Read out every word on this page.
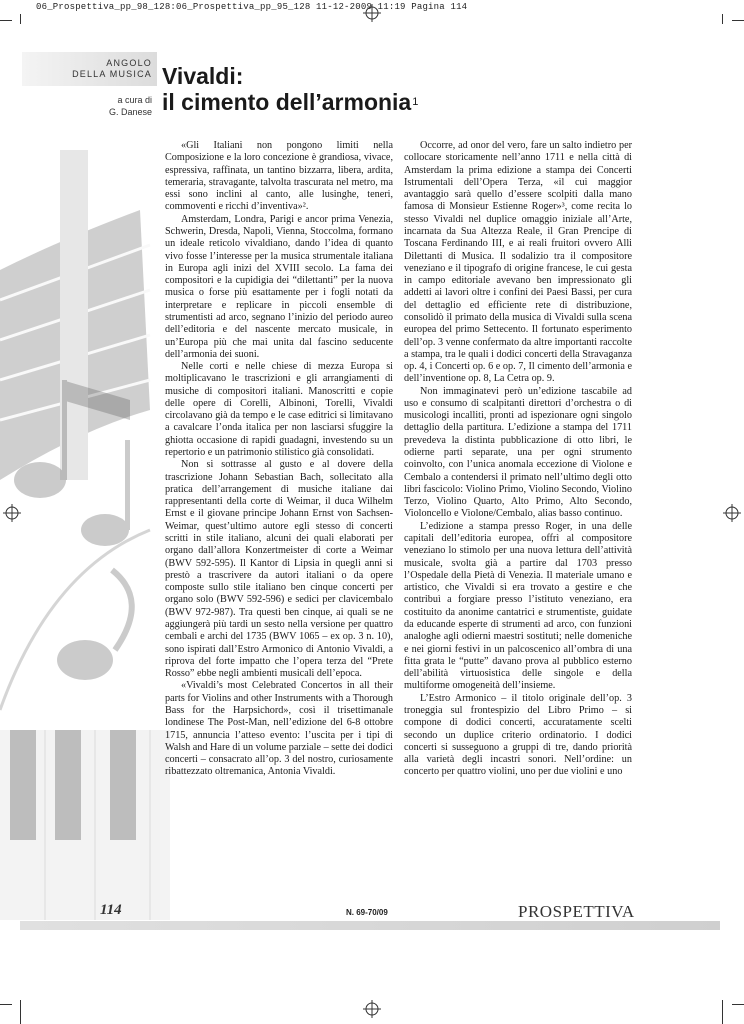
06_Prospettiva_pp_98_128:06_Prospettiva_pp_95_128 11-12-2009 11:19 Pagina 114
ANGOLO
DELLA MUSICA Vivaldi:
il cimento dell’armonia$^1$
a cura di
G. Danese

«Gli Italiani non pongono limiti nella Composizione e la loro concezione è grandiosa, vivace, espressiva, raffinata, un tantino bizzarra, libera, ardita, temeraria, stravagante, talvolta trascurata nel metro, ma essi sono inclini al canto, alle lusinghe, teneri, commoventi e ricchi d’inventiva»².

Amsterdam, Londra, Parigi e ancor prima Venezia, Schwerin, Dresda, Napoli, Vienna, Stoccolma, formano un ideale reticolo vivaldiano, dando l’idea di quanto vivo fosse l’interesse per la musica strumentale italiana in Europa agli inizi del XVIII secolo. La fama dei compositori e la cupidigia dei “dilettanti” per la nuova musica o forse più esattamente per i fogli notati da interpretare e replicare in piccoli ensemble di strumentisti ad arco, segnano l’inizio del periodo aureo dell’editoria e del nascente mercato musicale, in un’Europa più che mai unita dal fascino seducente dell’armonia dei suoni.

Nelle corti e nelle chiese di mezza Europa si moltiplicavano le trascrizioni e gli arrangiamenti di musiche di compositori italiani. Manoscritti e copie delle opere di Corelli, Albinoni, Torelli, Vivaldi circolavano già da tempo e le case editrici si limitavano a cavalcare l’onda italica per non lasciarsi sfuggire la ghiotta occasione di rapidi guadagni, investendo su un repertorio e un patrimonio stilistico già consolidati.

Non si sottrasse al gusto e al dovere della trascrizione Johann Sebastian Bach, sollecitato alla pratica dell’arrangement di musiche italiane dai rappresentanti della corte di Weimar, il duca Wilhelm Ernst e il giovane principe Johann Ernst von Sachsen-Weimar, quest’ultimo autore egli stesso di concerti scritti in stile italiano, alcuni dei quali elaborati per organo dall’allora Konzertmeister di corte a Weimar (BWV 592-595). Il Kantor di Lipsia in quegli anni si prestò a trascrivere da autori italiani o da opere composte sullo stile italiano ben cinque concerti per organo solo (BWV 592-596) e sedici per clavicembalo (BWV 972-987). Tra questi ben cinque, ai quali se ne aggiungerà più tardi un sesto nella versione per quattro cembali e archi del 1735 (BWV 1065 – ex op. 3 n. 10), sono ispirati dall’Estro Armonico di Antonio Vivaldi, a riprova del forte impatto che l’opera terza del “Prete Rosso” ebbe negli ambienti musicali dell’epoca.

«Vivaldi’s most Celebrated Concertos in all their parts for Violins and other Instruments with a Thorough Bass for the Harpsichord», così il trisettimanale londinese The Post-Man, nell’edizione del 6-8 ottobre 1715, annuncia l’atteso evento: l’uscita per i tipi di Walsh and Hare di un volume parziale – sette dei dodici concerti – consacrato all’op. 3 del nostro, curiosamente ribattezzato oltremanica, Antonia Vivaldi.

Occorre, ad onor del vero, fare un salto indietro per collocare storicamente nell’anno 1711 e nella città di Amsterdam la prima edizione a stampa dei Concerti Istrumentali dell’Opera Terza, «il cui maggior avantaggio sarà quello d’essere scolpiti dalla mano famosa di Monsieur Estienne Roger»³, come recita lo stesso Vivaldi nel duplice omaggio iniziale all’Arte, incarnata da Sua Altezza Reale, il Gran Prencipe di Toscana Ferdinando III, e ai reali fruitori ovvero Alli Dilettanti di Musica. Il sodalizio tra il compositore veneziano e il tipografo di origine francese, le cui gesta in campo editoriale avevano ben impressionato gli addetti ai lavori oltre i confini dei Paesi Bassi, per cura del dettaglio ed efficiente rete di distribuzione, consolidò il primato della musica di Vivaldi sulla scena europea del primo Settecento. Il fortunato esperimento dell’op. 3 venne confermato da altre importanti raccolte a stampa, tra le quali i dodici concerti della Stravaganza op. 4, i Concerti op. 6 e op. 7, Il cimento dell’armonia e dell’inventione op. 8, La Cetra op. 9.

Non immaginatevi però un’edizione tascabile ad uso e consumo di scalpitanti direttori d’orchestra o di musicologi incalliti, pronti ad ispezionare ogni singolo dettaglio della partitura. L’edizione a stampa del 1711 prevedeva la distinta pubblicazione di otto libri, le odierne parti separate, una per ogni strumento coinvolto, con l’unica anomala eccezione di Violone e Cembalo a contendersi il primato nell’ultimo degli otto libri fascicolo: Violino Primo, Violino Secondo, Violino Terzo, Violino Quarto, Alto Primo, Alto Secondo, Violoncello e Violone/Cembalo, alias basso continuo.

L’edizione a stampa presso Roger, in una delle capitali dell’editoria europea, offrì al compositore veneziano lo stimolo per una nuova lettura dell’attività musicale, svolta già a partire dal 1703 presso l’Ospedale della Pietà di Venezia. Il materiale umano e artistico, che Vivaldi si era trovato a gestire e che contribuì a forgiare presso l’istituto veneziano, era costituito da anonime cantatrici e strumentiste, guidate da educande esperte di strumenti ad arco, con funzioni analoghe agli odierni maestri sostituti; nelle domeniche e nei giorni festivi in un palcoscenico all’ombra di una fitta grata le “putte” davano prova al pubblico esterno dell’abilità virtuosistica delle singole e della multiforme omogeneità dell’insieme.

L’Estro Armonico – il titolo originale dell’op. 3 troneggia sul frontespizio del Libro Primo – si compone di dodici concerti, accuratamente scelti secondo un duplice criterio ordinatorio. I dodici concerti si susseguono a gruppi di tre, dando priorità alla varietà degli incastri sonori. Nell’ordine: un concerto per quattro violini, uno per due violini e uno

114	N. 69-70/09	PROSPETTIVA
